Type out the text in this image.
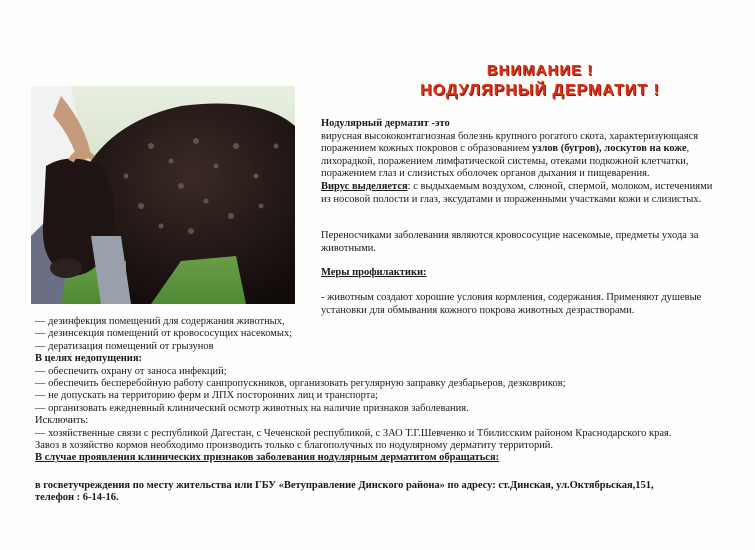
ВНИМАНИЕ !
НОДУЛЯРНЫЙ ДЕРМАТИТ !

Нодулярный дерматит -это

вирусная высококонтагиозная болезнь крупного рогатого скота, характеризующаяся поражением кожных покровов с образованием узлов (бугров), лоскутов на коже, лихорадкой, поражением лимфатической системы, отеками подкожной клетчатки, поражением глаз и слизистых оболочек органов дыхания и пищеварения.

Вирус выделяется: с выдыхаемым воздухом, слюной, спермой, молоком, истечениями из носовой полости и глаз, эксудатами и пораженными участками кожи и слизистых.

Переносчиками заболевания являются кровососущие насекомые, предметы ухода за животными.
Меры профилактики:
- животным создают хорошие условия кормления, содержания. Применяют душевые установки для обмывания кожного покрова животных дезрастворами.
— дезинфекция помещений для содержания животных,
— дезинсекция помещений от кровососущих насекомых;
— дератизация помещений от грызунов
В целях недопущения:
— обеспечить охрану от заноса инфекций;
— обеспечить бесперебойную работу санпропускников, организовать регулярную заправку дезбарьеров, дезковриков;
— не допускать на территорию ферм и ЛПХ посторонних лиц и транспорта;
— организовать ежедневный клинический осмотр животных на наличие признаков заболевания.
Исключить:
— хозяйственные связи с республикой Дагестан, с Чеченской республикой, с ЗАО Т.Г.Шевченко и Тбилисским районом Краснодарского края.
Завоз в хозяйство кормов необходимо производить только с благополучных по нодулярному дерматиту территорий.
В случае проявления клинических признаков заболевания нодулярным дерматитом обращаться:
в госветучреждения по месту жительства или ГБУ «Ветуправление Динского района» по адресу: ст.Динская, ул.Октябрьская,151,
телефон : 6-14-16.
